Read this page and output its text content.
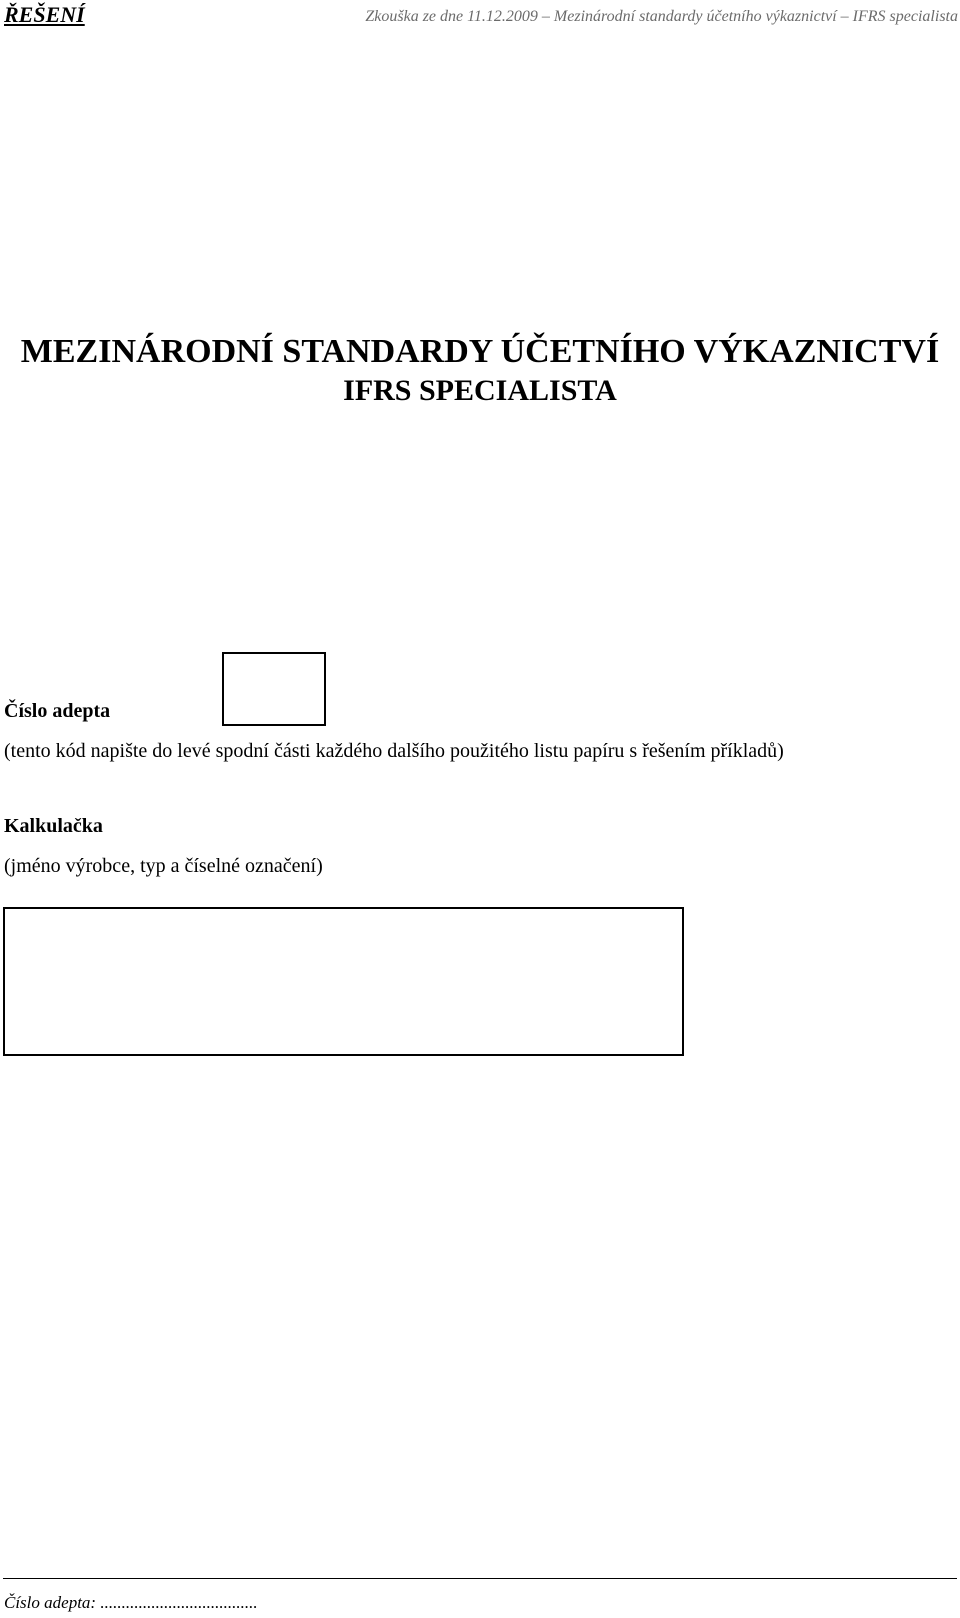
ŘEŠENÍ	Zkouška ze dne 11.12.2009 – Mezinárodní standardy účetního výkaznictví – IFRS specialista
MEZINÁRODNÍ STANDARDY ÚČETNÍHO VÝKAZNICTVÍ
IFRS SPECIALISTA
Číslo adepta
(tento kód napište do levé spodní části každého dalšího použitého listu papíru s řešením příkladů)
Kalkulačka
(jméno výrobce, typ a číselné označení)
Číslo adepta: .....................................
